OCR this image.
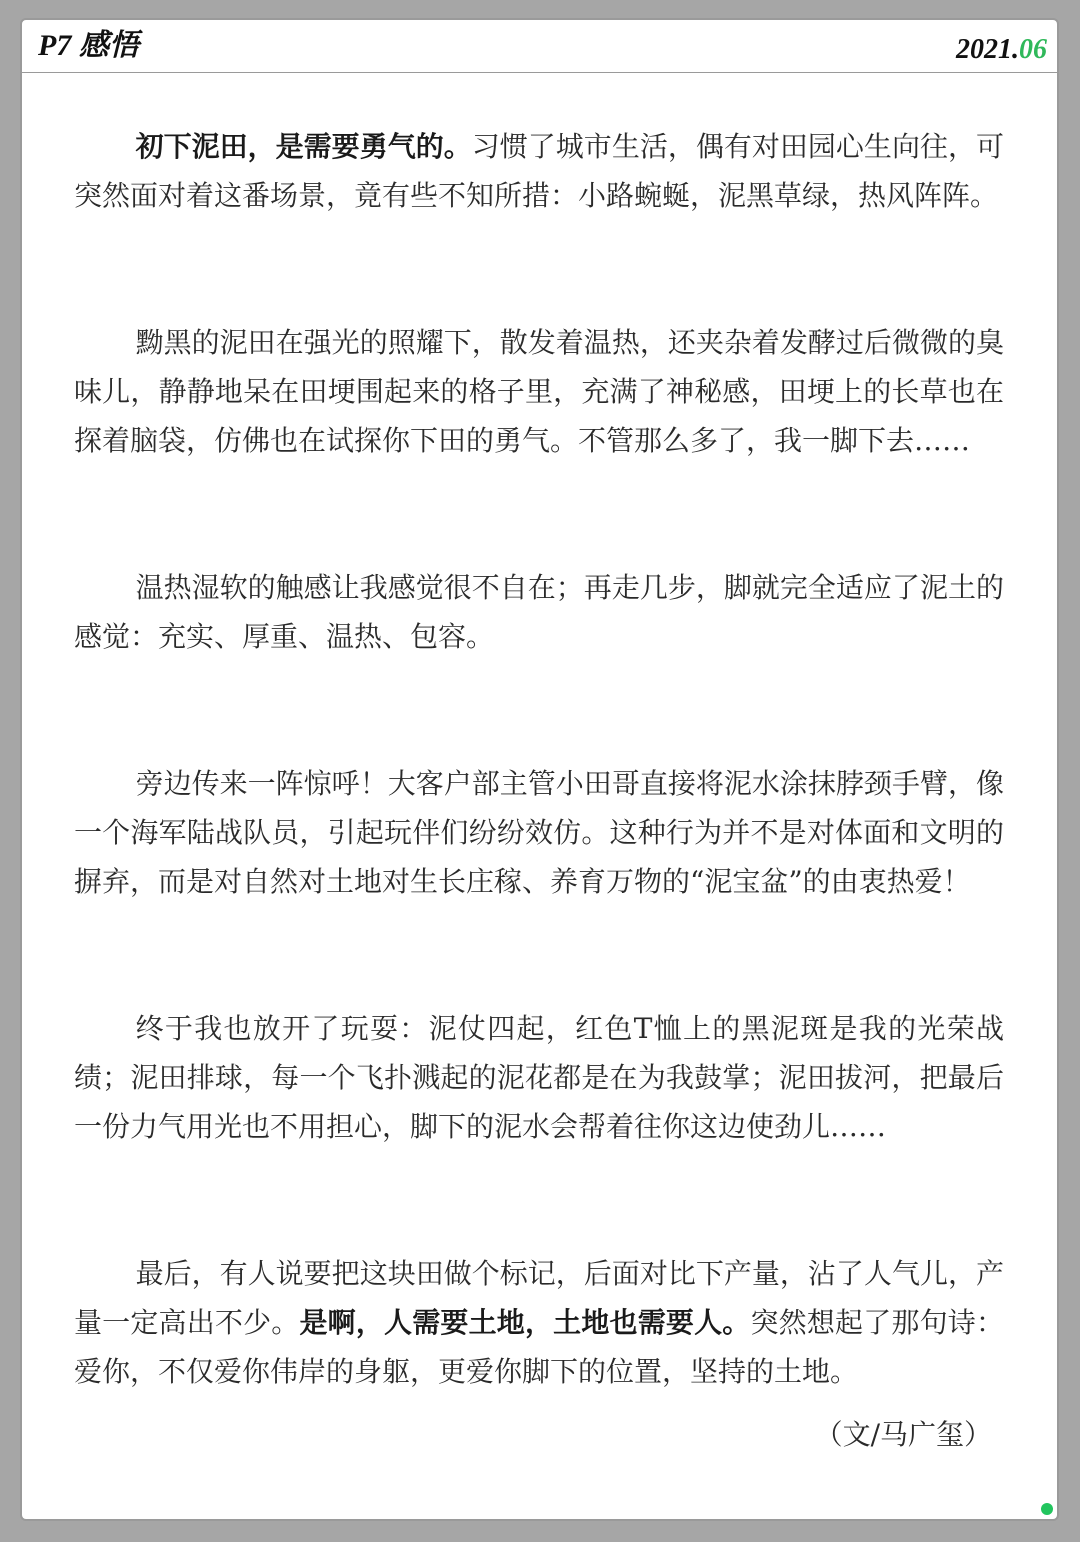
P7 感悟	2021.06

初下泥田，是需要勇气的。习惯了城市生活，偶有对田园心生向往，可突然面对着这番场景，竟有些不知所措：小路蜿蜒，泥黑草绿，热风阵阵。

黝黑的泥田在强光的照耀下，散发着温热，还夹杂着发酵过后微微的臭味儿，静静地呆在田埂围起来的格子里，充满了神秘感，田埂上的长草也在探着脑袋，仿佛也在试探你下田的勇气。不管那么多了，我一脚下去……

温热湿软的触感让我感觉很不自在；再走几步，脚就完全适应了泥土的感觉：充实、厚重、温热、包容。

旁边传来一阵惊呼！大客户部主管小田哥直接将泥水涂抹脖颈手臂，像一个海军陆战队员，引起玩伴们纷纷效仿。这种行为并不是对体面和文明的摒弃，而是对自然对土地对生长庄稼、养育万物的“泥宝盆”的由衷热爱！

终于我也放开了玩耍：泥仗四起，红色T恤上的黑泥斑是我的光荣战绩；泥田排球，每一个飞扑溅起的泥花都是在为我鼓掌；泥田拔河，把最后一份力气用光也不用担心，脚下的泥水会帮着往你这边使劲儿……

最后，有人说要把这块田做个标记，后面对比下产量，沾了人气儿，产量一定高出不少。是啊，人需要土地，土地也需要人。突然想起了那句诗：爱你，不仅爱你伟岸的身躯，更爱你脚下的位置，坚持的土地。

（文/马广玺）
